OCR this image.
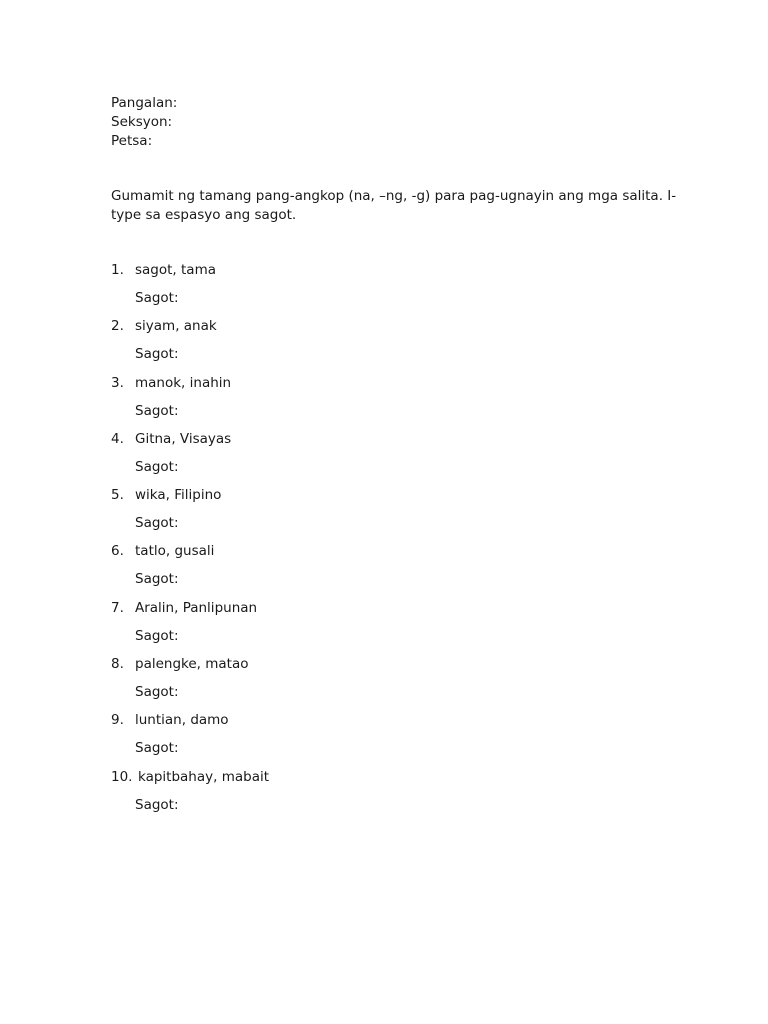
Pangalan:
Seksyon:
Petsa:
Gumamit ng tamang pang-angkop (na, –ng, -g) para pag-ugnayin ang mga salita. I-type sa espasyo ang sagot.
1. sagot, tama
Sagot:
2. siyam, anak
Sagot:
3. manok, inahin
Sagot:
4. Gitna, Visayas
Sagot:
5. wika, Filipino
Sagot:
6. tatlo, gusali
Sagot:
7. Aralin, Panlipunan
Sagot:
8. palengke, matao
Sagot:
9. luntian, damo
Sagot:
10. kapitbahay, mabait
Sagot:
